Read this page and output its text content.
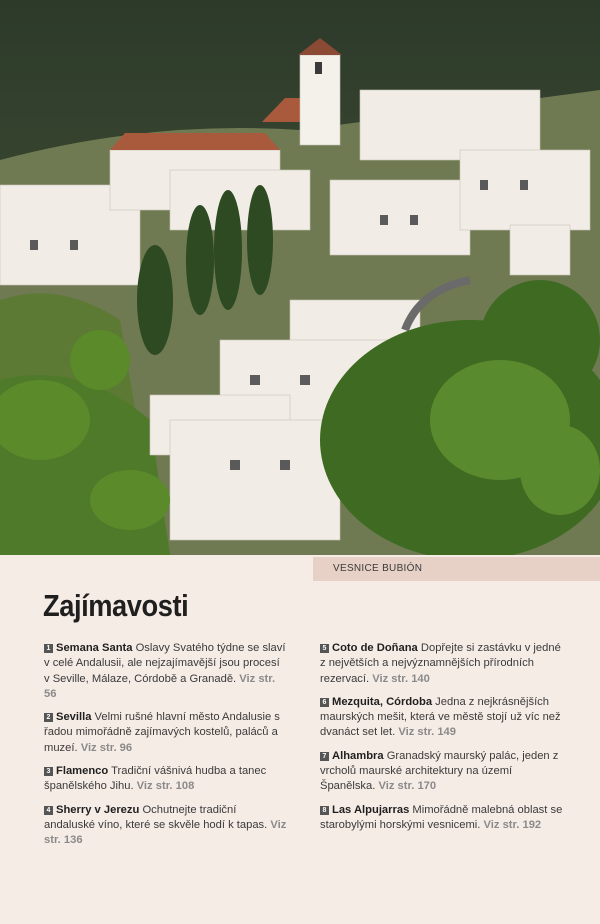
VESNICE BUBIÓN
Zajímavosti

1 Semana Santa Oslavy Svatého týdne se slaví v celé Andalusii, ale nejzajímavější jsou procesí v Seville, Málaze, Córdobě a Granadě. Viz str. 56

2 Sevilla Velmi rušné hlavní město Andalusie s řadou mimořádně zajímavých kostelů, paláců a muzeí. Viz str. 96

3 Flamenco Tradiční vášnivá hudba a tanec španělského Jihu. Viz str. 108

4 Sherry v Jerezu Ochutnejte tradiční andaluské víno, které se skvěle hodí k tapas. Viz str. 136

5 Coto de Doñana Dopřejte si zastávku v jedné z největších a nejvýznamnějších přírodních rezervací. Viz str. 140

6 Mezquita, Córdoba Jedna z nejkrásnějších maurských mešit, která ve městě stojí už víc než dvanáct set let. Viz str. 149

7 Alhambra Granadský maurský palác, jeden z vrcholů maurské architektury na území Španělska. Viz str. 170

8 Las Alpujarras Mimořádně malebná oblast se starobylými horskými vesnicemi. Viz str. 192
